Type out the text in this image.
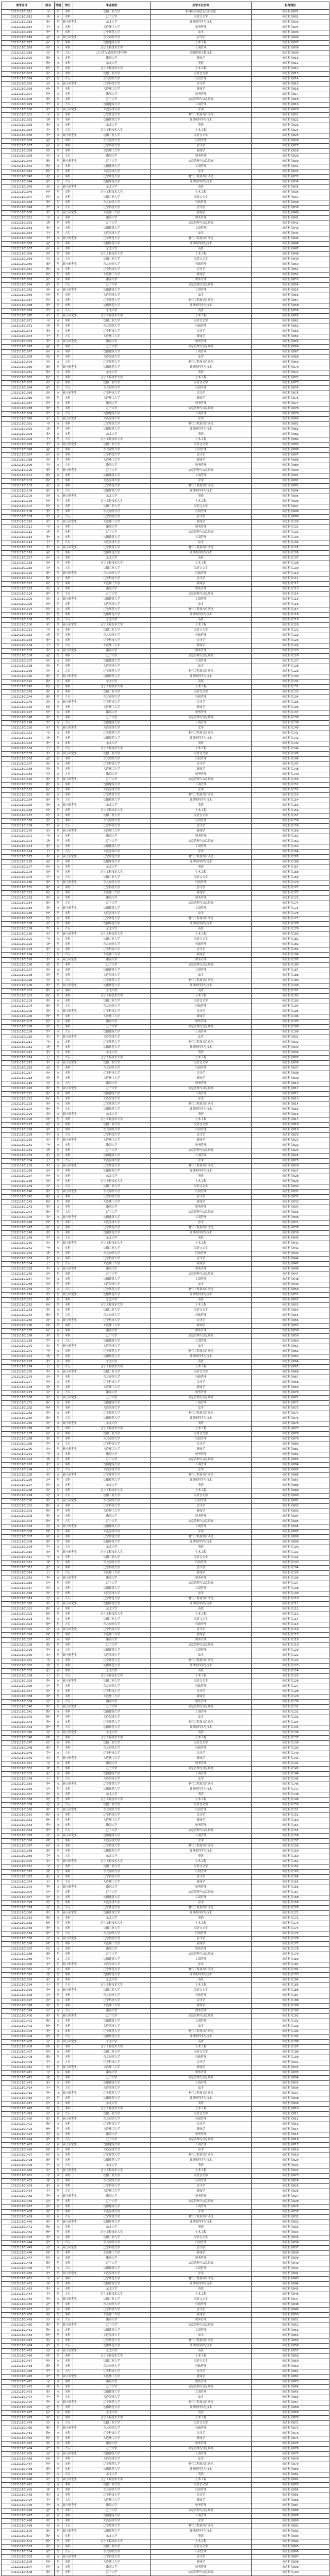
准考证号	姓名	性别	学历	毕业院校	所学专业名称	报考岗位
101211101011	马*	男	本科	沈阳工业大学	机械设计制造及其自动化	市直机关001
101211101012	刘*	女	本科	辽宁大学	汉语言文学	市直机关002
101211101013	张*	男	硕士研究生	东北大学	计算机科学与技术	市直机关003
101211101014	王*	女	本科	大连理工大学	财务管理	市直机关004
101211101015	李*	男	本科	辽宁师范大学	法学	市直机关005
101211101016	赵*	女	硕士研究生	东北财经大学	会计学	市直机关006
101211101017	孙*	男	本科	沈阳建筑大学	土木工程	市直机关007
101211101018	周*	女	本科	辽宁工程技术大学	工商管理	市直机关008
101211101019	吴*	男	大专	辽宁省交通高等专科学校	道路桥梁工程技术	市直机关009
101211101020	郑*	女	本科	渤海大学	新闻学	市直机关010
101211101021	陈*	女	本科	东北大学	英语	市直机关011
101211101022	杨*	男	本科	辽宁工程技术大学	土木工程	市直机关012
101211101023	黄*	女	本科	沈阳工业大学	汉语言文学	市直机关013
101211101024	徐*	男	大专	东北财经大学	行政管理	市直机关014
101211101025	高*	女	硕士研究生	辽宁科技大学	会计学	市直机关015
101211101026	林*	男	本科	大连理工大学	新闻学	市直机关016
101211101027	何*	女	本科	渤海大学	财务管理	市直机关017
101211101028	郭*	男	本科	辽宁大学	信息管理与信息系统	市直机关018
101211101029	罗*	女	大专	沈阳建筑大学	工商管理	市直机关019
101211101030	宋*	男	硕士研究生	大连海事大学	法学	市直机关020
101211101031	马*	女	本科	辽宁师范大学	电气工程及其自动化	市直机关021
101211101032	刘*	男	本科	沈阳师范大学	计算机科学与技术	市直机关022
101211101033	张*	女	本科	东北大学	英语	市直机关023
101211101034	王*	男	大专	辽宁工程技术大学	土木工程	市直机关024
101211101035	李*	女	硕士研究生	沈阳工业大学	汉语言文学	市直机关025
101211101036	赵*	男	本科	东北财经大学	行政管理	市直机关026
101211101037	孙*	女	本科	辽宁科技大学	会计学	市直机关027
101211101038	周*	男	本科	大连理工大学	新闻学	市直机关028
101211101039	吴*	女	大专	渤海大学	财务管理	市直机关029
101211101040	郑*	男	硕士研究生	辽宁大学	信息管理与信息系统	市直机关030
101211101041	陈*	女	本科	沈阳建筑大学	工商管理	市直机关031
101211101042	杨*	男	本科	大连海事大学	法学	市直机关032
101211101043	黄*	女	本科	辽宁师范大学	电气工程及其自动化	市直机关033
101211101044	徐*	男	大专	沈阳师范大学	计算机科学与技术	市直机关034
101211101045	高*	女	硕士研究生	东北大学	英语	市直机关035
101211101046	林*	男	本科	辽宁工程技术大学	土木工程	市直机关036
101211101047	何*	女	本科	沈阳工业大学	汉语言文学	市直机关037
101211101048	郭*	男	本科	东北财经大学	行政管理	市直机关038
101211101049	罗*	女	大专	辽宁科技大学	会计学	市直机关039
101211101050	宋*	男	硕士研究生	大连理工大学	新闻学	市直机关040
101211101051	马*	女	本科	渤海大学	财务管理	市直机关041
101211101052	刘*	男	本科	辽宁大学	信息管理与信息系统	市直机关042
101211101053	张*	女	本科	沈阳建筑大学	工商管理	市直机关043
101211101054	王*	男	大专	大连海事大学	法学	市直机关044
101211101055	李*	女	硕士研究生	辽宁师范大学	电气工程及其自动化	市直机关045
101211101056	赵*	男	本科	沈阳师范大学	计算机科学与技术	市直机关046
101211101057	孙*	女	本科	东北大学	英语	市直机关047
101211101058	周*	男	本科	辽宁工程技术大学	土木工程	市直机关048
101211101059	吴*	女	大专	沈阳工业大学	汉语言文学	市直机关049
101211101060	郑*	男	硕士研究生	东北财经大学	行政管理	市直机关050
101211101061	陈*	女	本科	辽宁科技大学	会计学	市直机关051
101211101062	杨*	男	本科	大连理工大学	新闻学	市直机关052
101211101063	黄*	女	本科	渤海大学	财务管理	市直机关053
101211101064	徐*	男	大专	辽宁大学	信息管理与信息系统	市直机关054
101211101065	高*	女	硕士研究生	沈阳建筑大学	工商管理	市直机关055
101211101066	林*	男	本科	大连海事大学	法学	市直机关056
101211101067	何*	女	本科	辽宁师范大学	电气工程及其自动化	市直机关057
101211101068	郭*	男	本科	沈阳师范大学	计算机科学与技术	市直机关058
101211101069	罗*	女	大专	东北大学	英语	市直机关059
101211101070	宋*	男	硕士研究生	辽宁工程技术大学	土木工程	市直机关060
101211101071	马*	女	本科	沈阳工业大学	汉语言文学	市直机关061
101211101072	刘*	男	本科	东北财经大学	行政管理	市直机关062
101211101073	张*	女	本科	辽宁科技大学	会计学	市直机关063
101211101074	王*	男	大专	大连理工大学	新闻学	市直机关064
101211101075	李*	女	硕士研究生	渤海大学	财务管理	市直机关065
101211101076	赵*	男	本科	辽宁大学	信息管理与信息系统	市直机关066
101211101077	孙*	女	本科	沈阳建筑大学	工商管理	市直机关067
101211101078	周*	男	本科	大连海事大学	法学	市直机关068
101211101079	吴*	女	大专	辽宁师范大学	电气工程及其自动化	市直机关069
101211101080	郑*	男	硕士研究生	沈阳师范大学	计算机科学与技术	市直机关070
101211101081	陈*	女	本科	东北大学	英语	市直机关071
101211101082	杨*	男	本科	辽宁工程技术大学	土木工程	市直机关072
101211101083	黄*	女	本科	沈阳工业大学	汉语言文学	市直机关073
101211101084	徐*	男	大专	东北财经大学	行政管理	市直机关074
101211101085	高*	女	硕士研究生	辽宁科技大学	会计学	市直机关075
101211101086	林*	男	本科	大连理工大学	新闻学	市直机关076
101211101087	何*	女	本科	渤海大学	财务管理	市直机关077
101211101088	郭*	男	本科	辽宁大学	信息管理与信息系统	市直机关078
101211101089	罗*	女	大专	沈阳建筑大学	工商管理	市直机关079
101211101090	宋*	男	硕士研究生	大连海事大学	法学	市直机关080
101211101091	马*	女	本科	辽宁师范大学	电气工程及其自动化	市直机关081
101211101092	刘*	男	本科	沈阳师范大学	计算机科学与技术	市直机关082
101211101093	张*	女	本科	东北大学	英语	市直机关083
101211101094	王*	男	大专	辽宁工程技术大学	土木工程	市直机关084
101211101095	李*	女	硕士研究生	沈阳工业大学	汉语言文学	市直机关085
101211101096	赵*	男	本科	东北财经大学	行政管理	市直机关086
101211101097	孙*	女	本科	辽宁科技大学	会计学	市直机关087
101211101098	周*	男	本科	大连理工大学	新闻学	市直机关088
101211101099	吴*	女	大专	渤海大学	财务管理	市直机关089
101211101100	郑*	男	硕士研究生	辽宁大学	信息管理与信息系统	市直机关090
101211101101	陈*	女	本科	沈阳建筑大学	工商管理	市直机关091
101211101102	杨*	男	本科	大连海事大学	法学	市直机关092
101211101103	黄*	女	本科	辽宁师范大学	电气工程及其自动化	市直机关093
101211101104	徐*	男	大专	沈阳师范大学	计算机科学与技术	市直机关094
101211101105	高*	女	硕士研究生	东北大学	英语	市直机关095
101211101106	林*	男	本科	辽宁工程技术大学	土木工程	市直机关096
101211101107	何*	女	本科	沈阳工业大学	汉语言文学	市直机关097
101211101108	郭*	男	本科	东北财经大学	行政管理	市直机关098
101211101109	罗*	女	大专	辽宁科技大学	会计学	市直机关099
101211101110	宋*	男	硕士研究生	大连理工大学	新闻学	市直机关100
101211101111	马*	女	本科	渤海大学	财务管理	市直机关101
101211101112	刘*	男	本科	辽宁大学	信息管理与信息系统	市直机关102
101211101113	张*	女	本科	沈阳建筑大学	工商管理	市直机关103
101211101114	王*	男	大专	大连海事大学	法学	市直机关104
101211101115	李*	女	硕士研究生	辽宁师范大学	电气工程及其自动化	市直机关105
101211101116	赵*	男	本科	沈阳师范大学	计算机科学与技术	市直机关106
101211101117	孙*	女	本科	东北大学	英语	市直机关107
101211101118	周*	男	本科	辽宁工程技术大学	土木工程	市直机关108
101211101119	吴*	女	大专	沈阳工业大学	汉语言文学	市直机关109
101211101120	郑*	男	硕士研究生	东北财经大学	行政管理	市直机关110
101211101121	陈*	女	本科	辽宁科技大学	会计学	市直机关111
101211101122	杨*	男	本科	大连理工大学	新闻学	市直机关112
101211101123	黄*	女	本科	渤海大学	财务管理	市直机关113
101211101124	徐*	男	大专	辽宁大学	信息管理与信息系统	市直机关114
101211101125	高*	女	硕士研究生	沈阳建筑大学	工商管理	市直机关115
101211101126	林*	男	本科	大连海事大学	法学	市直机关116
101211101127	何*	女	本科	辽宁师范大学	电气工程及其自动化	市直机关117
101211101128	郭*	男	本科	沈阳师范大学	计算机科学与技术	市直机关118
101211101129	罗*	女	大专	东北大学	英语	市直机关119
101211101130	宋*	男	硕士研究生	辽宁工程技术大学	土木工程	市直机关120
101211101131	马*	女	本科	沈阳工业大学	汉语言文学	市直机关121
101211101132	刘*	男	本科	东北财经大学	行政管理	市直机关122
101211101133	张*	女	本科	辽宁科技大学	会计学	市直机关123
101211101134	王*	男	大专	大连理工大学	新闻学	市直机关124
101211101135	李*	女	硕士研究生	渤海大学	财务管理	市直机关125
101211101136	赵*	男	本科	辽宁大学	信息管理与信息系统	市直机关126
101211101137	孙*	女	本科	沈阳建筑大学	工商管理	市直机关127
101211101138	周*	男	本科	大连海事大学	法学	市直机关128
101211101139	吴*	女	大专	辽宁师范大学	电气工程及其自动化	市直机关129
101211101140	郑*	男	硕士研究生	沈阳师范大学	计算机科学与技术	市直机关130
101211101141	陈*	女	本科	东北大学	英语	市直机关131
101211101142	杨*	男	本科	辽宁工程技术大学	土木工程	市直机关132
101211101143	黄*	女	本科	沈阳工业大学	汉语言文学	市直机关133
101211101144	徐*	男	大专	东北财经大学	行政管理	市直机关134
101211101145	高*	女	硕士研究生	辽宁科技大学	会计学	市直机关135
101211101146	林*	男	本科	大连理工大学	新闻学	市直机关136
101211101147	何*	女	本科	渤海大学	财务管理	市直机关137
101211101148	郭*	男	本科	辽宁大学	信息管理与信息系统	市直机关138
101211101149	罗*	女	大专	沈阳建筑大学	工商管理	市直机关139
101211101150	宋*	男	硕士研究生	大连海事大学	法学	市直机关140
101211101151	马*	女	本科	辽宁师范大学	电气工程及其自动化	市直机关141
101211101152	刘*	男	本科	沈阳师范大学	计算机科学与技术	市直机关142
101211101153	张*	女	本科	东北大学	英语	市直机关143
101211101154	王*	男	大专	辽宁工程技术大学	土木工程	市直机关144
101211101155	李*	女	硕士研究生	沈阳工业大学	汉语言文学	市直机关145
101211101156	赵*	男	本科	东北财经大学	行政管理	市直机关146
101211101157	孙*	女	本科	辽宁科技大学	会计学	市直机关147
101211101158	周*	男	本科	大连理工大学	新闻学	市直机关148
101211101159	吴*	女	大专	渤海大学	财务管理	市直机关149
101211101160	郑*	男	硕士研究生	辽宁大学	信息管理与信息系统	市直机关150
101211101161	陈*	女	本科	沈阳建筑大学	工商管理	市直机关151
101211101162	杨*	男	本科	大连海事大学	法学	市直机关152
101211101163	黄*	女	本科	辽宁师范大学	电气工程及其自动化	市直机关153
101211101164	徐*	男	大专	沈阳师范大学	计算机科学与技术	市直机关154
101211101165	高*	女	硕士研究生	东北大学	英语	市直机关155
101211101166	林*	男	本科	辽宁工程技术大学	土木工程	市直机关156
101211101167	何*	女	本科	沈阳工业大学	汉语言文学	市直机关157
101211101168	郭*	男	本科	东北财经大学	行政管理	市直机关158
101211101169	罗*	女	大专	辽宁科技大学	会计学	市直机关159
101211101170	宋*	男	硕士研究生	大连理工大学	新闻学	市直机关160
101211101171	马*	女	本科	渤海大学	财务管理	市直机关161
101211101172	刘*	男	本科	辽宁大学	信息管理与信息系统	市直机关162
101211101173	张*	女	本科	沈阳建筑大学	工商管理	市直机关163
101211101174	王*	男	大专	大连海事大学	法学	市直机关164
101211101175	李*	女	硕士研究生	辽宁师范大学	电气工程及其自动化	市直机关165
101211101176	赵*	男	本科	沈阳师范大学	计算机科学与技术	市直机关166
101211101177	孙*	女	本科	东北大学	英语	市直机关167
101211101178	周*	男	本科	辽宁工程技术大学	土木工程	市直机关168
101211101179	吴*	女	大专	沈阳工业大学	汉语言文学	市直机关169
101211101180	郑*	男	硕士研究生	东北财经大学	行政管理	市直机关170
101211101181	陈*	女	本科	辽宁科技大学	会计学	市直机关171
101211101182	杨*	男	本科	大连理工大学	新闻学	市直机关172
101211101183	黄*	女	本科	渤海大学	财务管理	市直机关173
101211101184	徐*	男	大专	辽宁大学	信息管理与信息系统	市直机关174
101211101185	高*	女	硕士研究生	沈阳建筑大学	工商管理	市直机关175
101211101186	林*	男	本科	大连海事大学	法学	市直机关176
101211101187	何*	女	本科	辽宁师范大学	电气工程及其自动化	市直机关177
101211101188	郭*	男	本科	沈阳师范大学	计算机科学与技术	市直机关178
101211101189	罗*	女	大专	东北大学	英语	市直机关179
101211101190	宋*	男	硕士研究生	辽宁工程技术大学	土木工程	市直机关180
101211101191	马*	女	本科	沈阳工业大学	汉语言文学	市直机关181
101211101192	刘*	男	本科	东北财经大学	行政管理	市直机关182
101211101193	张*	女	本科	辽宁科技大学	会计学	市直机关183
101211101194	王*	男	大专	大连理工大学	新闻学	市直机关184
101211101195	李*	女	硕士研究生	渤海大学	财务管理	市直机关185
101211101196	赵*	男	本科	辽宁大学	信息管理与信息系统	市直机关186
101211101197	孙*	女	本科	沈阳建筑大学	工商管理	市直机关187
101211101198	周*	男	本科	大连海事大学	法学	市直机关188
101211101199	吴*	女	大专	辽宁师范大学	电气工程及其自动化	市直机关189
101211101200	郑*	男	硕士研究生	沈阳师范大学	计算机科学与技术	市直机关190
101211101201	陈*	女	本科	东北大学	英语	市直机关191
101211101202	杨*	男	本科	辽宁工程技术大学	土木工程	市直机关192
101211101203	黄*	女	本科	沈阳工业大学	汉语言文学	市直机关193
101211101204	徐*	男	大专	东北财经大学	行政管理	市直机关194
101211101205	高*	女	硕士研究生	辽宁科技大学	会计学	市直机关195
101211101206	林*	男	本科	大连理工大学	新闻学	市直机关196
101211101207	何*	女	本科	渤海大学	财务管理	市直机关197
101211101208	郭*	男	本科	辽宁大学	信息管理与信息系统	市直机关198
101211101209	罗*	女	大专	沈阳建筑大学	工商管理	市直机关199
101211101210	宋*	男	硕士研究生	大连海事大学	法学	市直机关001
101211101211	马*	女	本科	辽宁师范大学	电气工程及其自动化	市直机关002
101211101212	刘*	男	本科	沈阳师范大学	计算机科学与技术	市直机关003
101211101213	张*	女	本科	东北大学	英语	市直机关004
101211101214	王*	男	大专	辽宁工程技术大学	土木工程	市直机关005
101211101215	李*	女	硕士研究生	沈阳工业大学	汉语言文学	市直机关006
101211101216	赵*	男	本科	东北财经大学	行政管理	市直机关007
101211101217	孙*	女	本科	辽宁科技大学	会计学	市直机关008
101211101218	周*	男	本科	大连理工大学	新闻学	市直机关009
101211101219	吴*	女	大专	渤海大学	财务管理	市直机关010
101211101220	郑*	男	硕士研究生	辽宁大学	信息管理与信息系统	市直机关011
101211101221	陈*	女	本科	沈阳建筑大学	工商管理	市直机关012
101211101222	杨*	男	本科	大连海事大学	法学	市直机关013
101211101223	黄*	女	本科	辽宁师范大学	电气工程及其自动化	市直机关014
101211101224	徐*	男	大专	沈阳师范大学	计算机科学与技术	市直机关015
101211101225	高*	女	硕士研究生	东北大学	英语	市直机关016
101211101226	林*	男	本科	辽宁工程技术大学	土木工程	市直机关017
101211101227	何*	女	本科	沈阳工业大学	汉语言文学	市直机关018
101211101228	郭*	男	本科	东北财经大学	行政管理	市直机关019
101211101229	罗*	女	大专	辽宁科技大学	会计学	市直机关020
101211101230	宋*	男	硕士研究生	大连理工大学	新闻学	市直机关021
101211101231	马*	女	本科	渤海大学	财务管理	市直机关022
101211101232	刘*	男	本科	辽宁大学	信息管理与信息系统	市直机关023
101211101233	张*	女	本科	沈阳建筑大学	工商管理	市直机关024
101211101234	王*	男	大专	大连海事大学	法学	市直机关025
101211101235	李*	女	硕士研究生	辽宁师范大学	电气工程及其自动化	市直机关026
101211101236	赵*	男	本科	沈阳师范大学	计算机科学与技术	市直机关027
101211101237	孙*	女	本科	东北大学	英语	市直机关028
101211101238	周*	男	本科	辽宁工程技术大学	土木工程	市直机关029
101211101239	吴*	女	大专	沈阳工业大学	汉语言文学	市直机关030
101211101240	郑*	男	硕士研究生	东北财经大学	行政管理	市直机关031
101211101241	陈*	女	本科	辽宁科技大学	会计学	市直机关032
101211101242	杨*	男	本科	大连理工大学	新闻学	市直机关033
101211101243	黄*	女	本科	渤海大学	财务管理	市直机关034
101211101244	徐*	男	大专	辽宁大学	信息管理与信息系统	市直机关035
101211101245	高*	女	硕士研究生	沈阳建筑大学	工商管理	市直机关036
101211101246	林*	男	本科	大连海事大学	法学	市直机关037
101211101247	何*	女	本科	辽宁师范大学	电气工程及其自动化	市直机关038
101211101248	郭*	男	本科	沈阳师范大学	计算机科学与技术	市直机关039
101211101249	罗*	女	大专	东北大学	英语	市直机关040
101211101250	宋*	男	硕士研究生	辽宁工程技术大学	土木工程	市直机关041
101211101251	马*	女	本科	沈阳工业大学	汉语言文学	市直机关042
101211101252	刘*	男	本科	东北财经大学	行政管理	市直机关043
101211101253	张*	女	本科	辽宁科技大学	会计学	市直机关044
101211101254	王*	男	大专	大连理工大学	新闻学	市直机关045
101211101255	李*	女	硕士研究生	渤海大学	财务管理	市直机关046
101211101256	赵*	男	本科	辽宁大学	信息管理与信息系统	市直机关047
101211101257	孙*	女	本科	沈阳建筑大学	工商管理	市直机关048
101211101258	周*	男	本科	大连海事大学	法学	市直机关049
101211101259	吴*	女	大专	辽宁师范大学	电气工程及其自动化	市直机关050
101211101260	郑*	男	硕士研究生	沈阳师范大学	计算机科学与技术	市直机关051
101211101261	陈*	女	本科	东北大学	英语	市直机关052
101211101262	杨*	男	本科	辽宁工程技术大学	土木工程	市直机关053
101211101263	黄*	女	本科	沈阳工业大学	汉语言文学	市直机关054
101211101264	徐*	男	大专	东北财经大学	行政管理	市直机关055
101211101265	高*	女	硕士研究生	辽宁科技大学	会计学	市直机关056
101211101266	林*	男	本科	大连理工大学	新闻学	市直机关057
101211101267	何*	女	本科	渤海大学	财务管理	市直机关058
101211101268	郭*	男	本科	辽宁大学	信息管理与信息系统	市直机关059
101211101269	罗*	女	大专	沈阳建筑大学	工商管理	市直机关060
101211101270	宋*	男	硕士研究生	大连海事大学	法学	市直机关061
101211101271	马*	女	本科	辽宁师范大学	电气工程及其自动化	市直机关062
101211101272	刘*	男	本科	沈阳师范大学	计算机科学与技术	市直机关063
101211101273	张*	女	本科	东北大学	英语	市直机关064
101211101274	王*	男	大专	辽宁工程技术大学	土木工程	市直机关065
101211101275	李*	女	硕士研究生	沈阳工业大学	汉语言文学	市直机关066
101211101276	赵*	男	本科	东北财经大学	行政管理	市直机关067
101211101277	孙*	女	本科	辽宁科技大学	会计学	市直机关068
101211101278	周*	男	本科	大连理工大学	新闻学	市直机关069
101211101279	吴*	女	大专	渤海大学	财务管理	市直机关070
101211101280	郑*	男	硕士研究生	辽宁大学	信息管理与信息系统	市直机关071
101211101281	陈*	女	本科	沈阳建筑大学	工商管理	市直机关072
101211101282	杨*	男	本科	大连海事大学	法学	市直机关073
101211101283	黄*	女	本科	辽宁师范大学	电气工程及其自动化	市直机关074
101211101284	徐*	男	大专	沈阳师范大学	计算机科学与技术	市直机关075
101211101285	高*	女	硕士研究生	东北大学	英语	市直机关076
101211101286	林*	男	本科	辽宁工程技术大学	土木工程	市直机关077
101211101287	何*	女	本科	沈阳工业大学	汉语言文学	市直机关078
101211101288	郭*	男	本科	东北财经大学	行政管理	市直机关079
101211101289	罗*	女	大专	辽宁科技大学	会计学	市直机关080
101211101290	宋*	男	硕士研究生	大连理工大学	新闻学	市直机关081
101211101291	马*	女	本科	渤海大学	财务管理	市直机关082
101211101292	刘*	男	本科	辽宁大学	信息管理与信息系统	市直机关083
101211101293	张*	女	本科	沈阳建筑大学	工商管理	市直机关084
101211101294	王*	男	大专	大连海事大学	法学	市直机关085
101211101295	李*	女	硕士研究生	辽宁师范大学	电气工程及其自动化	市直机关086
101211101296	赵*	男	本科	沈阳师范大学	计算机科学与技术	市直机关087
101211101297	孙*	女	本科	东北大学	英语	市直机关088
101211101298	周*	男	本科	辽宁工程技术大学	土木工程	市直机关089
101211101299	吴*	女	大专	沈阳工业大学	汉语言文学	市直机关090
101211101300	郑*	男	硕士研究生	东北财经大学	行政管理	市直机关091
101211101301	陈*	女	本科	辽宁科技大学	会计学	市直机关092
101211101302	杨*	男	本科	大连理工大学	新闻学	市直机关093
101211101303	黄*	女	本科	渤海大学	财务管理	市直机关094
101211101304	徐*	男	大专	辽宁大学	信息管理与信息系统	市直机关095
101211101305	高*	女	硕士研究生	沈阳建筑大学	工商管理	市直机关096
101211101306	林*	男	本科	大连海事大学	法学	市直机关097
101211101307	何*	女	本科	辽宁师范大学	电气工程及其自动化	市直机关098
101211101308	郭*	男	本科	沈阳师范大学	计算机科学与技术	市直机关099
101211101309	罗*	女	大专	东北大学	英语	市直机关100
101211101310	宋*	男	硕士研究生	辽宁工程技术大学	土木工程	市直机关101
101211101311	马*	女	本科	沈阳工业大学	汉语言文学	市直机关102
101211101312	刘*	男	本科	东北财经大学	行政管理	市直机关103
101211101313	张*	女	本科	辽宁科技大学	会计学	市直机关104
101211101314	王*	男	大专	大连理工大学	新闻学	市直机关105
101211101315	李*	女	硕士研究生	渤海大学	财务管理	市直机关106
101211101316	赵*	男	本科	辽宁大学	信息管理与信息系统	市直机关107
101211101317	孙*	女	本科	沈阳建筑大学	工商管理	市直机关108
101211101318	周*	男	本科	大连海事大学	法学	市直机关109
101211101319	吴*	女	大专	辽宁师范大学	电气工程及其自动化	市直机关110
101211101320	郑*	男	硕士研究生	沈阳师范大学	计算机科学与技术	市直机关111
101211101321	陈*	女	本科	东北大学	英语	市直机关112
101211101322	杨*	男	本科	辽宁工程技术大学	土木工程	市直机关113
101211101323	黄*	女	本科	沈阳工业大学	汉语言文学	市直机关114
101211101324	徐*	男	大专	东北财经大学	行政管理	市直机关115
101211101325	高*	女	硕士研究生	辽宁科技大学	会计学	市直机关116
101211101326	林*	男	本科	大连理工大学	新闻学	市直机关117
101211101327	何*	女	本科	渤海大学	财务管理	市直机关118
101211101328	郭*	男	本科	辽宁大学	信息管理与信息系统	市直机关119
101211101329	罗*	女	大专	沈阳建筑大学	工商管理	市直机关120
101211101330	宋*	男	硕士研究生	大连海事大学	法学	市直机关121
101211101331	马*	女	本科	辽宁师范大学	电气工程及其自动化	市直机关122
101211101332	刘*	男	本科	沈阳师范大学	计算机科学与技术	市直机关123
101211101333	张*	女	本科	东北大学	英语	市直机关124
101211101334	王*	男	大专	辽宁工程技术大学	土木工程	市直机关125
101211101335	李*	女	硕士研究生	沈阳工业大学	汉语言文学	市直机关126
101211101336	赵*	男	本科	东北财经大学	行政管理	市直机关127
101211101337	孙*	女	本科	辽宁科技大学	会计学	市直机关128
101211101338	周*	男	本科	大连理工大学	新闻学	市直机关129
101211101339	吴*	女	大专	渤海大学	财务管理	市直机关130
101211101340	郑*	男	硕士研究生	辽宁大学	信息管理与信息系统	市直机关131
101211101341	陈*	女	本科	沈阳建筑大学	工商管理	市直机关132
101211101342	杨*	男	本科	大连海事大学	法学	市直机关133
101211101343	黄*	女	本科	辽宁师范大学	电气工程及其自动化	市直机关134
101211101344	徐*	男	大专	沈阳师范大学	计算机科学与技术	市直机关135
101211101345	高*	女	硕士研究生	东北大学	英语	市直机关136
101211101346	林*	男	本科	辽宁工程技术大学	土木工程	市直机关137
101211101347	何*	女	本科	沈阳工业大学	汉语言文学	市直机关138
101211101348	郭*	男	本科	东北财经大学	行政管理	市直机关139
101211101349	罗*	女	大专	辽宁科技大学	会计学	市直机关140
101211101350	宋*	男	硕士研究生	大连理工大学	新闻学	市直机关141
101211101351	马*	女	本科	渤海大学	财务管理	市直机关142
101211101352	刘*	男	本科	辽宁大学	信息管理与信息系统	市直机关143
101211101353	张*	女	本科	沈阳建筑大学	工商管理	市直机关144
101211101354	王*	男	大专	大连海事大学	法学	市直机关145
101211101355	李*	女	硕士研究生	辽宁师范大学	电气工程及其自动化	市直机关146
101211101356	赵*	男	本科	沈阳师范大学	计算机科学与技术	市直机关147
101211101357	孙*	女	本科	东北大学	英语	市直机关148
101211101358	周*	男	本科	辽宁工程技术大学	土木工程	市直机关149
101211101359	吴*	女	大专	沈阳工业大学	汉语言文学	市直机关150
101211101360	郑*	男	硕士研究生	东北财经大学	行政管理	市直机关151
101211101361	陈*	女	本科	辽宁科技大学	会计学	市直机关152
101211101362	杨*	男	本科	大连理工大学	新闻学	市直机关153
101211101363	黄*	女	本科	渤海大学	财务管理	市直机关154
101211101364	徐*	男	大专	辽宁大学	信息管理与信息系统	市直机关155
101211101365	高*	女	硕士研究生	沈阳建筑大学	工商管理	市直机关156
101211101366	林*	男	本科	大连海事大学	法学	市直机关157
101211101367	何*	女	本科	辽宁师范大学	电气工程及其自动化	市直机关158
101211101368	郭*	男	本科	沈阳师范大学	计算机科学与技术	市直机关159
101211101369	罗*	女	大专	东北大学	英语	市直机关160
101211101370	宋*	男	硕士研究生	辽宁工程技术大学	土木工程	市直机关161
101211101371	马*	女	本科	沈阳工业大学	汉语言文学	市直机关162
101211101372	刘*	男	本科	东北财经大学	行政管理	市直机关163
101211101373	张*	女	本科	辽宁科技大学	会计学	市直机关164
101211101374	王*	男	大专	大连理工大学	新闻学	市直机关165
101211101375	李*	女	硕士研究生	渤海大学	财务管理	市直机关166
101211101376	赵*	男	本科	辽宁大学	信息管理与信息系统	市直机关167
101211101377	孙*	女	本科	沈阳建筑大学	工商管理	市直机关168
101211101378	周*	男	本科	大连海事大学	法学	市直机关169
101211101379	吴*	女	大专	辽宁师范大学	电气工程及其自动化	市直机关170
101211101380	郑*	男	硕士研究生	沈阳师范大学	计算机科学与技术	市直机关171
101211101381	陈*	女	本科	东北大学	英语	市直机关172
101211101382	杨*	男	本科	辽宁工程技术大学	土木工程	市直机关173
101211101383	黄*	女	本科	沈阳工业大学	汉语言文学	市直机关174
101211101384	徐*	男	大专	东北财经大学	行政管理	市直机关175
101211101385	高*	女	硕士研究生	辽宁科技大学	会计学	市直机关176
101211101386	林*	男	本科	大连理工大学	新闻学	市直机关177
101211101387	何*	女	本科	渤海大学	财务管理	市直机关178
101211101388	郭*	男	本科	辽宁大学	信息管理与信息系统	市直机关179
101211101389	罗*	女	大专	沈阳建筑大学	工商管理	市直机关180
101211101390	宋*	男	硕士研究生	大连海事大学	法学	市直机关181
101211101391	马*	女	本科	辽宁师范大学	电气工程及其自动化	市直机关182
101211101392	刘*	男	本科	沈阳师范大学	计算机科学与技术	市直机关183
101211101393	张*	女	本科	东北大学	英语	市直机关184
101211101394	王*	男	大专	辽宁工程技术大学	土木工程	市直机关185
101211101395	李*	女	硕士研究生	沈阳工业大学	汉语言文学	市直机关186
101211101396	赵*	男	本科	东北财经大学	行政管理	市直机关187
101211101397	孙*	女	本科	辽宁科技大学	会计学	市直机关188
101211101398	周*	男	本科	大连理工大学	新闻学	市直机关189
101211101399	吴*	女	大专	渤海大学	财务管理	市直机关190
101211101400	郑*	男	硕士研究生	辽宁大学	信息管理与信息系统	市直机关191
101211101401	陈*	女	本科	沈阳建筑大学	工商管理	市直机关192
101211101402	杨*	男	本科	大连海事大学	法学	市直机关193
101211101403	黄*	女	本科	辽宁师范大学	电气工程及其自动化	市直机关194
101211101404	徐*	男	大专	沈阳师范大学	计算机科学与技术	市直机关195
101211101405	高*	女	硕士研究生	东北大学	英语	市直机关196
101211101406	林*	男	本科	辽宁工程技术大学	土木工程	市直机关197
101211101407	何*	女	本科	沈阳工业大学	汉语言文学	市直机关198
101211101408	郭*	男	本科	东北财经大学	行政管理	市直机关199
101211101409	罗*	女	大专	辽宁科技大学	会计学	市直机关001
101211101410	宋*	男	硕士研究生	大连理工大学	新闻学	市直机关002
101211101411	马*	女	本科	渤海大学	财务管理	市直机关003
101211101412	刘*	男	本科	辽宁大学	信息管理与信息系统	市直机关004
101211101413	张*	女	本科	沈阳建筑大学	工商管理	市直机关005
101211101414	王*	男	大专	大连海事大学	法学	市直机关006
101211101415	李*	女	硕士研究生	辽宁师范大学	电气工程及其自动化	市直机关007
101211101416	赵*	男	本科	沈阳师范大学	计算机科学与技术	市直机关008
101211101417	孙*	女	本科	东北大学	英语	市直机关009
101211101418	周*	男	本科	辽宁工程技术大学	土木工程	市直机关010
101211101419	吴*	女	大专	沈阳工业大学	汉语言文学	市直机关011
101211101420	郑*	男	硕士研究生	东北财经大学	行政管理	市直机关012
101211101421	陈*	女	本科	辽宁科技大学	会计学	市直机关013
101211101422	杨*	男	本科	大连理工大学	新闻学	市直机关014
101211101423	黄*	女	本科	渤海大学	财务管理	市直机关015
101211101424	徐*	男	大专	辽宁大学	信息管理与信息系统	市直机关016
101211101425	高*	女	硕士研究生	沈阳建筑大学	工商管理	市直机关017
101211101426	林*	男	本科	大连海事大学	法学	市直机关018
101211101427	何*	女	本科	辽宁师范大学	电气工程及其自动化	市直机关019
101211101428	郭*	男	本科	沈阳师范大学	计算机科学与技术	市直机关020
101211101429	罗*	女	大专	东北大学	英语	市直机关021
101211101430	宋*	男	硕士研究生	辽宁工程技术大学	土木工程	市直机关022
101211101431	马*	女	本科	沈阳工业大学	汉语言文学	市直机关023
101211101432	刘*	男	本科	东北财经大学	行政管理	市直机关024
101211101433	张*	女	本科	辽宁科技大学	会计学	市直机关025
101211101434	王*	男	大专	大连理工大学	新闻学	市直机关026
101211101435	李*	女	硕士研究生	渤海大学	财务管理	市直机关027
101211101436	赵*	男	本科	辽宁大学	信息管理与信息系统	市直机关028
101211101437	孙*	女	本科	沈阳建筑大学	工商管理	市直机关029
101211101438	周*	男	本科	大连海事大学	法学	市直机关030
101211101439	吴*	女	大专	辽宁师范大学	电气工程及其自动化	市直机关031
101211101440	郑*	男	硕士研究生	沈阳师范大学	计算机科学与技术	市直机关032
101211101441	陈*	女	本科	东北大学	英语	市直机关033
101211101442	杨*	男	本科	辽宁工程技术大学	土木工程	市直机关034
101211101443	黄*	女	本科	沈阳工业大学	汉语言文学	市直机关035
101211101444	徐*	男	大专	东北财经大学	行政管理	市直机关036
101211101445	高*	女	硕士研究生	辽宁科技大学	会计学	市直机关037
101211101446	林*	男	本科	大连理工大学	新闻学	市直机关038
101211101447	何*	女	本科	渤海大学	财务管理	市直机关039
101211101448	郭*	男	本科	辽宁大学	信息管理与信息系统	市直机关040
101211101449	罗*	女	大专	沈阳建筑大学	工商管理	市直机关041
101211101450	宋*	男	硕士研究生	大连海事大学	法学	市直机关042
101211101451	马*	女	本科	辽宁师范大学	电气工程及其自动化	市直机关043
101211101452	刘*	男	本科	沈阳师范大学	计算机科学与技术	市直机关044
101211101453	张*	女	本科	东北大学	英语	市直机关045
101211101454	王*	男	大专	辽宁工程技术大学	土木工程	市直机关046
101211101455	李*	女	硕士研究生	沈阳工业大学	汉语言文学	市直机关047
101211101456	赵*	男	本科	东北财经大学	行政管理	市直机关048
101211101457	孙*	女	本科	辽宁科技大学	会计学	市直机关049
101211101458	周*	男	本科	大连理工大学	新闻学	市直机关050
101211101459	吴*	女	大专	渤海大学	财务管理	市直机关051
101211101460	郑*	男	硕士研究生	辽宁大学	信息管理与信息系统	市直机关052
101211101461	陈*	女	本科	沈阳建筑大学	工商管理	市直机关053
101211101462	杨*	男	本科	大连海事大学	法学	市直机关054
101211101463	黄*	女	本科	辽宁师范大学	电气工程及其自动化	市直机关055
101211101464	徐*	男	大专	沈阳师范大学	计算机科学与技术	市直机关056
101211101465	高*	女	硕士研究生	东北大学	英语	市直机关057
101211101466	林*	男	本科	辽宁工程技术大学	土木工程	市直机关058
101211101467	何*	女	本科	沈阳工业大学	汉语言文学	市直机关059
101211101468	郭*	男	本科	东北财经大学	行政管理	市直机关060
101211101469	罗*	女	大专	辽宁科技大学	会计学	市直机关061
101211101470	宋*	男	硕士研究生	大连理工大学	新闻学	市直机关062
101211101471	马*	女	本科	渤海大学	财务管理	市直机关063
101211101472	刘*	男	本科	辽宁大学	信息管理与信息系统	市直机关064
101211101473	张*	女	本科	沈阳建筑大学	工商管理	市直机关065
101211101474	王*	男	大专	大连海事大学	法学	市直机关066
101211101475	李*	女	硕士研究生	辽宁师范大学	电气工程及其自动化	市直机关067
101211101476	赵*	男	本科	沈阳师范大学	计算机科学与技术	市直机关068
101211101477	孙*	女	本科	东北大学	英语	市直机关069
101211101478	周*	男	本科	辽宁工程技术大学	土木工程	市直机关070
101211101479	吴*	女	大专	沈阳工业大学	汉语言文学	市直机关071
101211101480	郑*	男	硕士研究生	东北财经大学	行政管理	市直机关072
101211101481	陈*	女	本科	辽宁科技大学	会计学	市直机关073
101211101482	杨*	男	本科	大连理工大学	新闻学	市直机关074
101211101483	黄*	女	本科	渤海大学	财务管理	市直机关075
101211101484	徐*	男	大专	辽宁大学	信息管理与信息系统	市直机关076
101211101485	高*	女	硕士研究生	沈阳建筑大学	工商管理	市直机关077
101211101486	林*	男	本科	大连海事大学	法学	市直机关078
101211101487	何*	女	本科	辽宁师范大学	电气工程及其自动化	市直机关079
101211101488	郭*	男	本科	沈阳师范大学	计算机科学与技术	市直机关080
101211101489	罗*	女	大专	东北大学	英语	市直机关081
101211101490	宋*	男	硕士研究生	辽宁工程技术大学	土木工程	市直机关082
101211101491	马*	女	本科	沈阳工业大学	汉语言文学	市直机关083
101211101492	刘*	男	本科	东北财经大学	行政管理	市直机关084
101211101493	张*	女	本科	辽宁科技大学	会计学	市直机关085
101211101494	王*	男	大专	大连理工大学	新闻学	市直机关086
101211101495	李*	女	硕士研究生	渤海大学	财务管理	市直机关087
101211101496	赵*	男	本科	辽宁大学	信息管理与信息系统	市直机关088
101211101497	孙*	女	本科	沈阳建筑大学	工商管理	市直机关089
101211101498	周*	男	本科	大连海事大学	法学	市直机关090
101211101499	吴*	女	大专	辽宁师范大学	电气工程及其自动化	市直机关091
101211101500	郑*	男	硕士研究生	沈阳师范大学	计算机科学与技术	市直机关092
101211101501	陈*	女	本科	东北大学	英语	市直机关093
101211101502	杨*	男	本科	辽宁工程技术大学	土木工程	市直机关094
101211101503	黄*	女	本科	沈阳工业大学	汉语言文学	市直机关095
101211101504	徐*	男	大专	东北财经大学	行政管理	市直机关096
101211101505	高*	女	硕士研究生	辽宁科技大学	会计学	市直机关097
101211101506	林*	男	本科	大连理工大学	新闻学	市直机关098
101211101507	何*	女	本科	渤海大学	财务管理	市直机关099
101211101508	郭*	男	本科	辽宁大学	信息管理与信息系统	市直机关100
